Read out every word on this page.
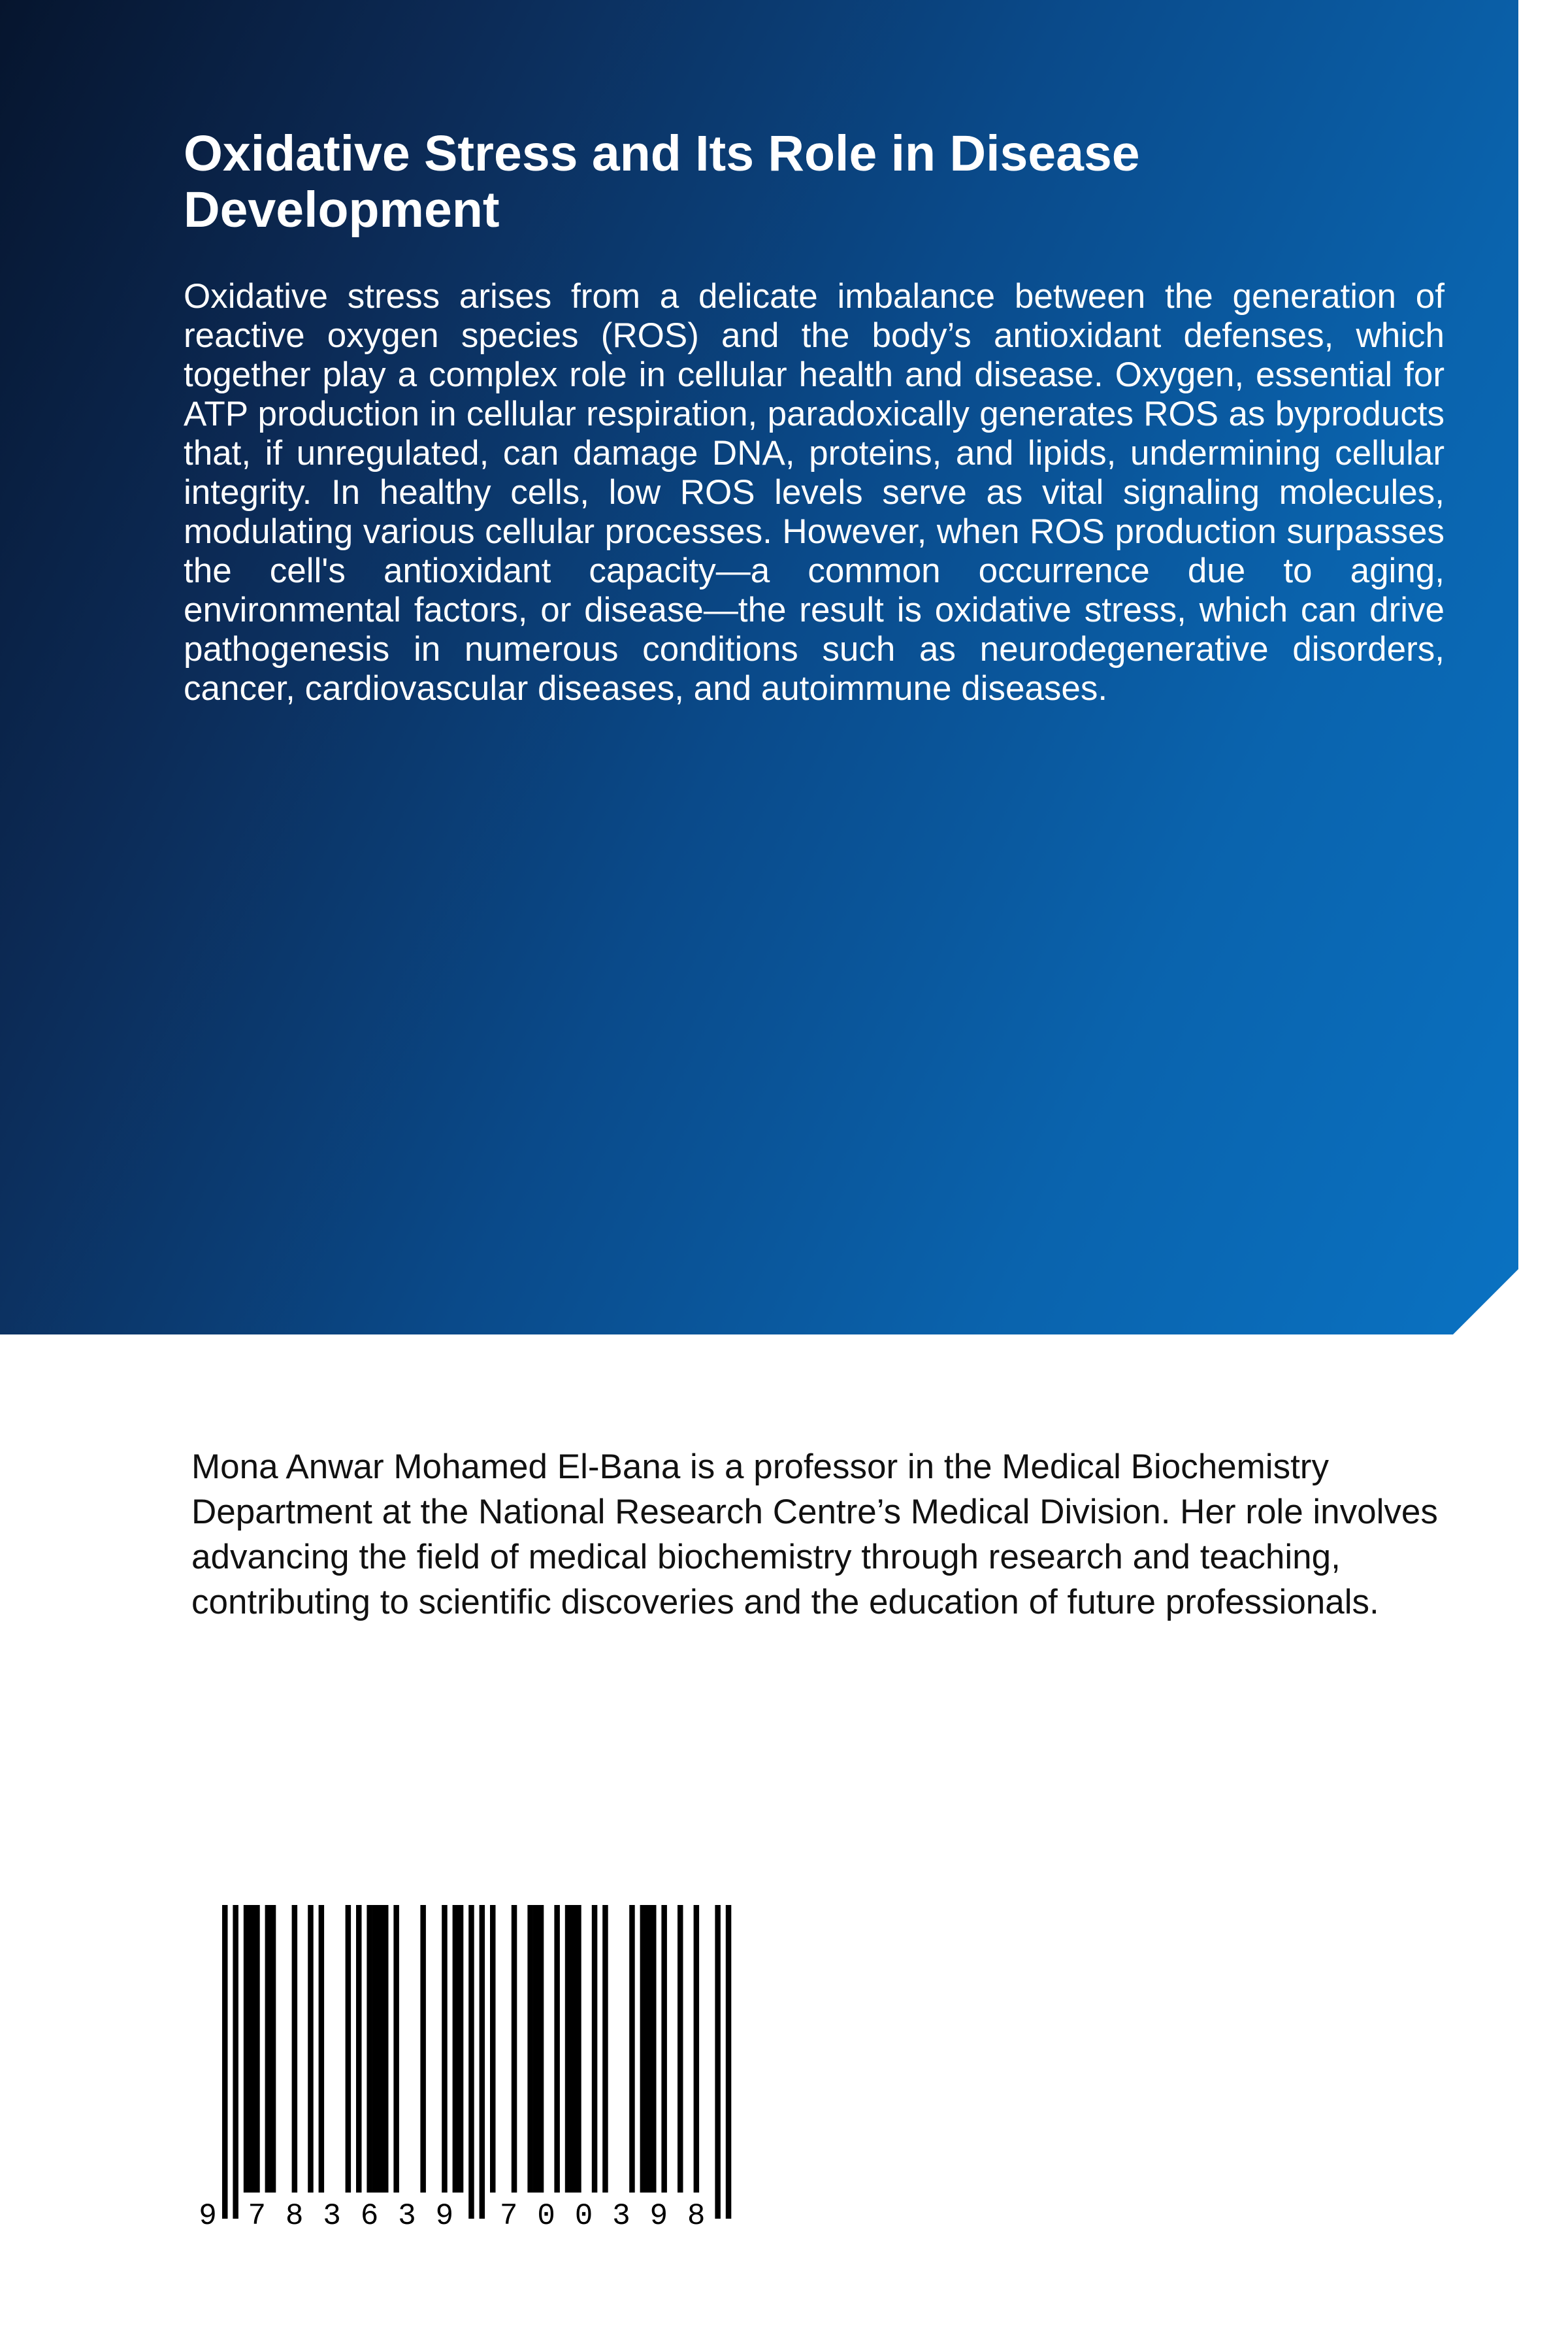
Oxidative Stress and Its Role in Disease Development

Oxidative stress arises from a delicate imbalance between the generation of reactive oxygen species (ROS) and the body’s antioxidant defenses, which together play a complex role in cellular health and disease. Oxygen, essential for ATP production in cellular respiration, paradoxically generates ROS as byproducts that, if unregulated, can damage DNA, proteins, and lipids, undermining cellular integrity. In healthy cells, low ROS levels serve as vital signaling molecules, modulating various cellular processes. However, when ROS production surpasses the cell's antioxidant capacity—a common occurrence due to aging, environmental factors, or disease—the result is oxidative stress, which can drive pathogenesis in numerous conditions such as neurodegenerative disorders, cancer, cardiovascular diseases, and autoimmune diseases.

Mona Anwar Mohamed El-Bana is a professor in the Medical Biochemistry Department at the National Research Centre’s Medical Division. Her role involves advancing the field of medical biochemistry through research and teaching, contributing to scientific discoveries and the education of future professionals.

9 7 8 3 6 3 9 7 0 0 3 9 8
